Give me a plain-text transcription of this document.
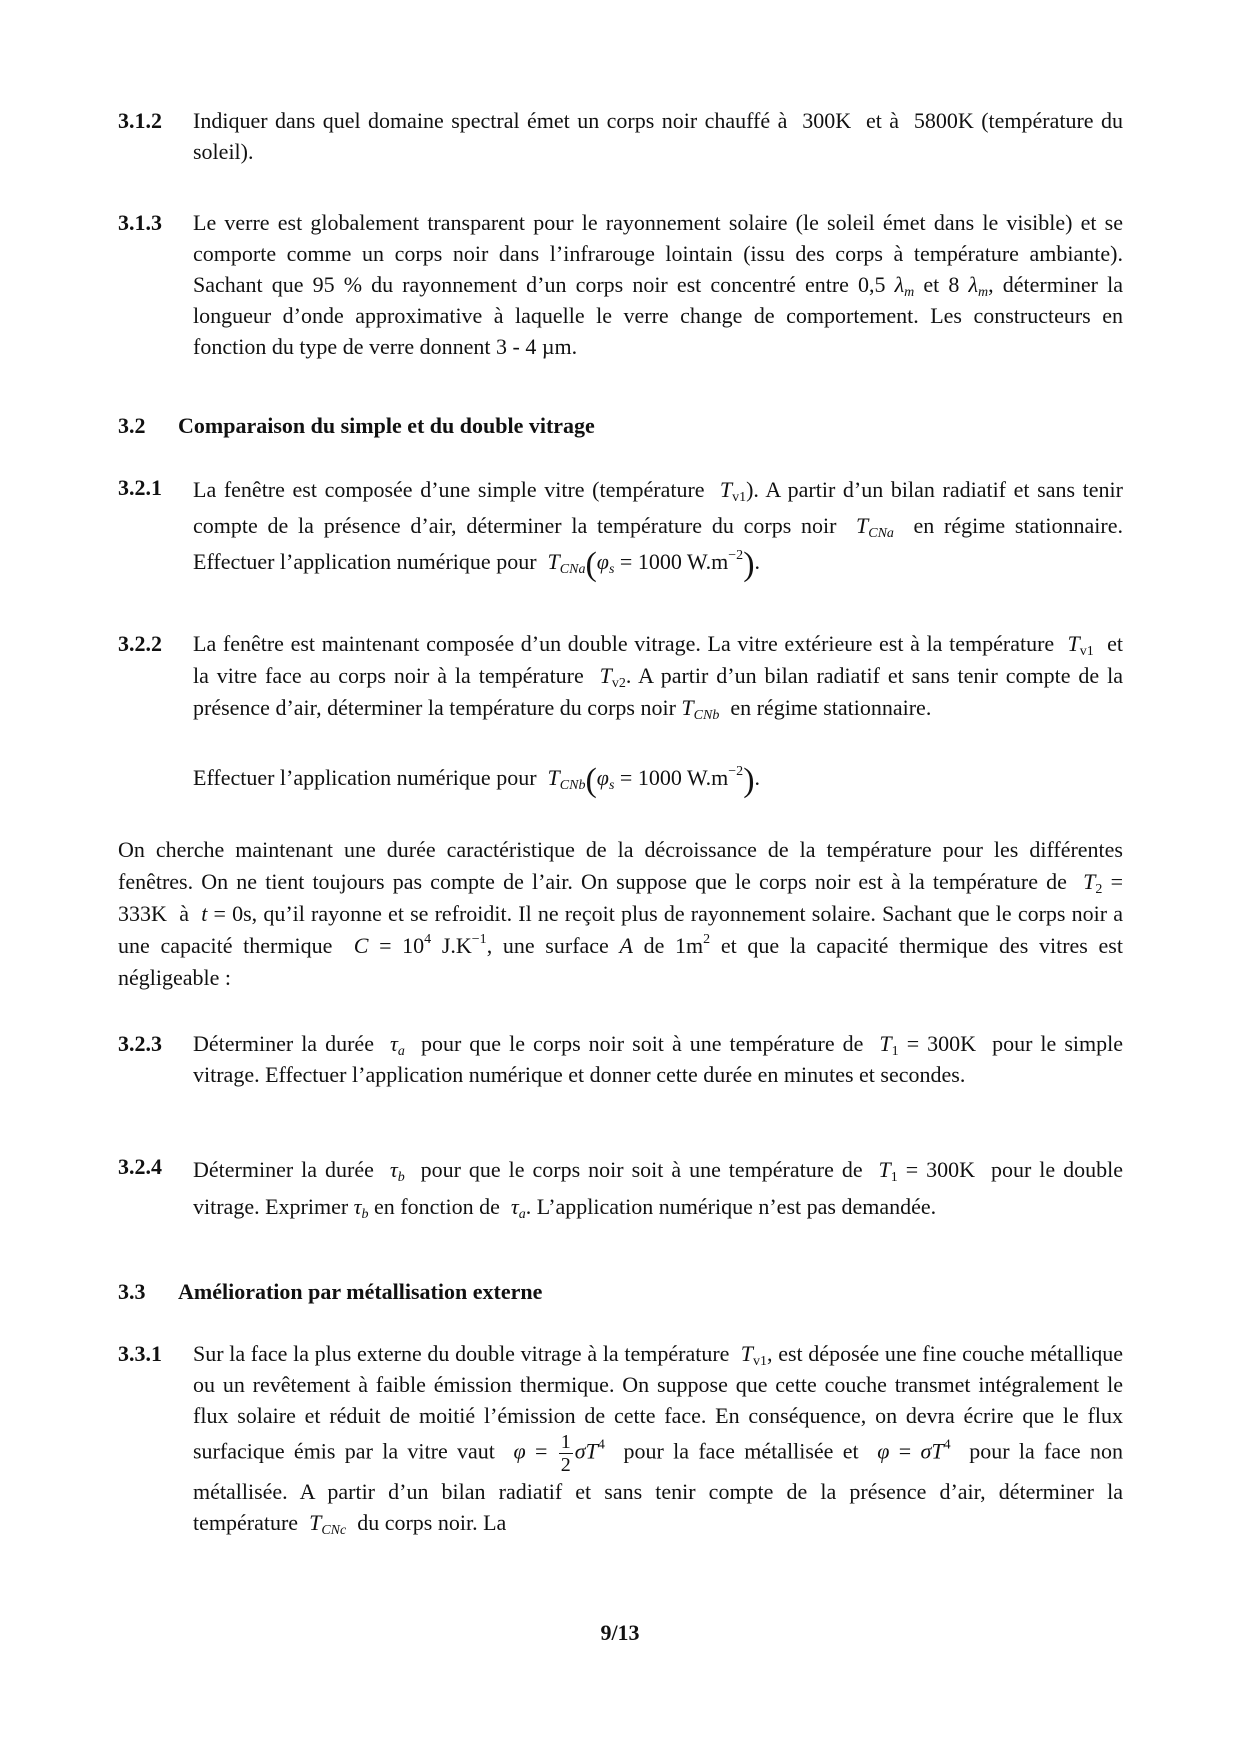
3.1.2 Indiquer dans quel domaine spectral émet un corps noir chauffé à  300K  et à  5800K (température du soleil).
3.1.3 Le verre est globalement transparent pour le rayonnement solaire (le soleil émet dans le visible) et se comporte comme un corps noir dans l’infrarouge lointain (issu des corps à température ambiante). Sachant que 95 % du rayonnement d’un corps noir est concentré entre 0,5 $\lambda_m$ et 8 $\lambda_m$, déterminer la longueur d’onde approximative à laquelle le verre change de comportement. Les constructeurs en fonction du type de verre donnent 3 - 4 µm.
3.2 Comparaison du simple et du double vitrage
3.2.1 La fenêtre est composée d’une simple vitre (température  $T_{v1}$). A partir d’un bilan radiatif et sans tenir compte de la présence d’air, déterminer la température du corps noir  $T_{CNa}$  en régime stationnaire. Effectuer l’application numérique pour  $T_{CNa}(\varphi_s = 1000$ $W.m^{-2}$).
3.2.2 La fenêtre est maintenant composée d’un double vitrage. La vitre extérieure est à la température  $T_{v1}$  et la vitre face au corps noir à la température  $T_{v2}$. A partir d’un bilan radiatif et sans tenir compte de la présence d’air, déterminer la température du corps noir $T_{CNb}$  en régime stationnaire.
Effectuer l’application numérique pour  $T_{CNb}(\varphi_s = 1000$ $W.m^{-2}$).
On cherche maintenant une durée caractéristique de la décroissance de la température pour les différentes fenêtres. On ne tient toujours pas compte de l’air. On suppose que le corps noir est à la température de  $T_2 = 333K$  à  t = 0s, qu’il rayonne et se refroidit. Il ne reçoit plus de rayonnement solaire. Sachant que le corps noir a une capacité thermique  $C = 10^4$ $J.K^{-1}$, une surface A de $1m^2$ et que la capacité thermique des vitres est négligeable :
3.2.3 Déterminer la durée  $\tau_a$  pour que le corps noir soit à une température de  $T_1 = 300K$  pour le simple vitrage. Effectuer l’application numérique et donner cette durée en minutes et secondes.
3.2.4 Déterminer la durée  $\tau_b$  pour que le corps noir soit à une température de  $T_1 = 300K$  pour le double vitrage. Exprimer $\tau_b$ en fonction de  $\tau_a$. L’application numérique n’est pas demandée.
3.3 Amélioration par métallisation externe
3.3.1 Sur la face la plus externe du double vitrage à la température  $T_{v1}$, est déposée une fine couche métallique ou un revêtement à faible émission thermique. On suppose que cette couche transmet intégralement le flux solaire et réduit de moitié l’émission de cette face. En conséquence, on devra écrire que le flux surfacique émis par la vitre vaut  $\varphi = \frac{1}{2} \sigma T^4$  pour la face métallisée et  $\varphi = \sigma T^4$  pour la face non métallisée. A partir d’un bilan radiatif et sans tenir compte de la présence d’air, déterminer la température  $T_{CNc}$  du corps noir. La
9/13
